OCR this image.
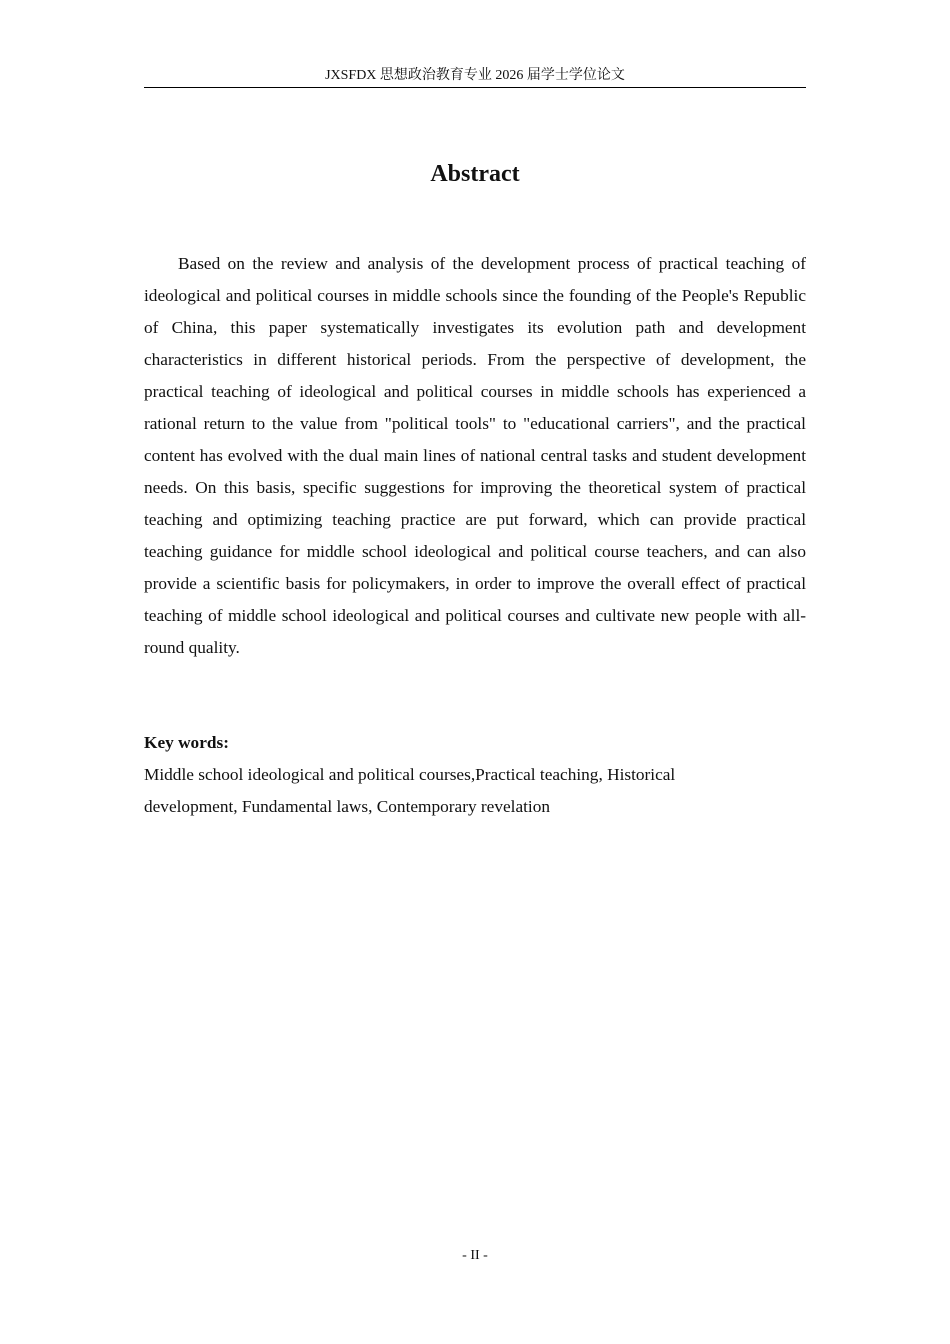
JXSFDX 思想政治教育专业 2026 届学士学位论文
Abstract

Based on the review and analysis of the development process of practical teaching of ideological and political courses in middle schools since the founding of the People's Republic of China, this paper systematically investigates its evolution path and development characteristics in different historical periods. From the perspective of development, the practical teaching of ideological and political courses in middle schools has experienced a rational return to the value from "political tools" to "educational carriers", and the practical content has evolved with the dual main lines of national central tasks and student development needs. On this basis, specific suggestions for improving the theoretical system of practical teaching and optimizing teaching practice are put forward, which can provide practical teaching guidance for middle school ideological and political course teachers, and can also provide a scientific basis for policymakers, in order to improve the overall effect of practical teaching of middle school ideological and political courses and cultivate new people with all-round quality.

Key words:

Middle school ideological and political courses,Practical teaching, Historical development, Fundamental laws, Contemporary revelation

- II -
